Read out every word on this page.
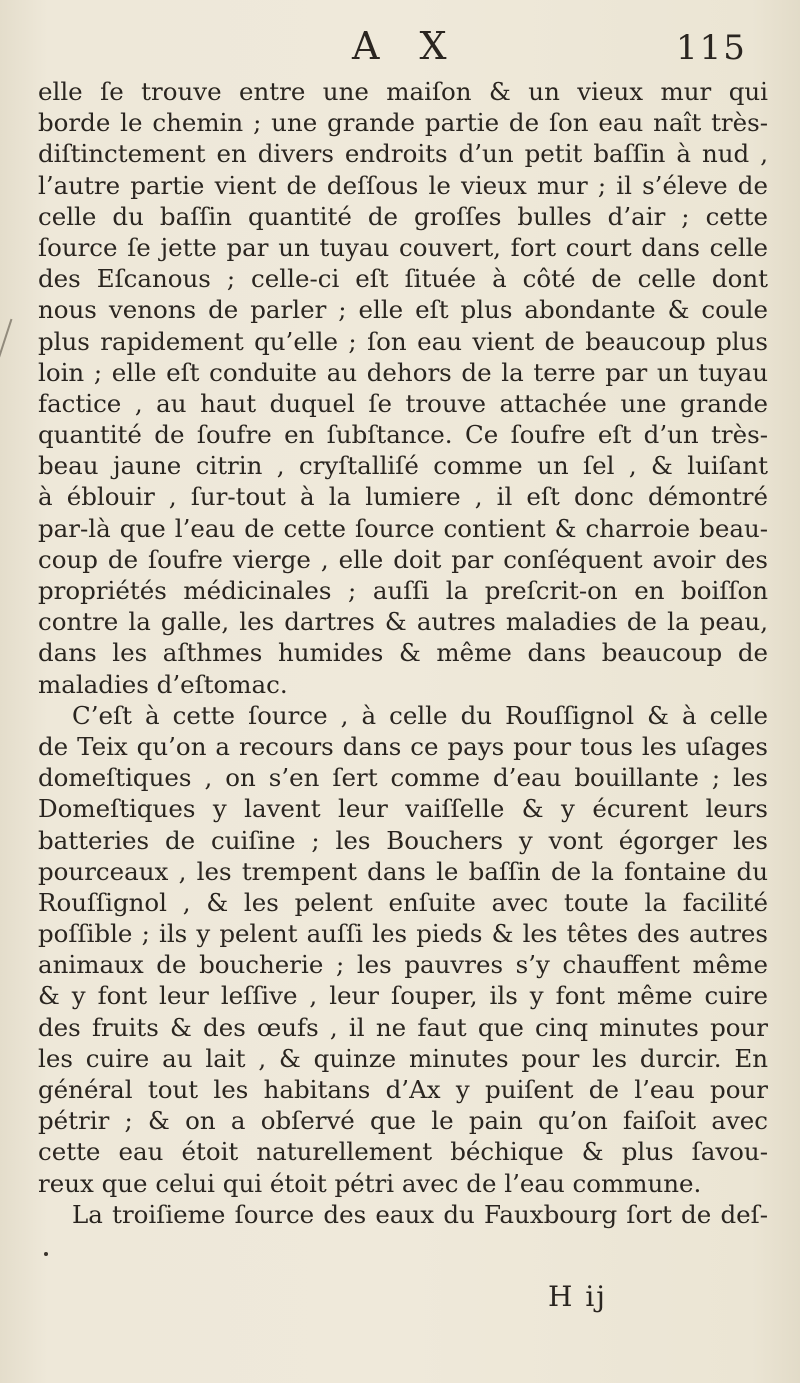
A X	115
elle ſe trouve entre une maiſon & un vieux mur qui
borde le chemin ; une grande partie de ſon eau naît très-
diſtinctement en divers endroits d’un petit baſſin à nud ,
l’autre partie vient de deſſous le vieux mur ; il s’éleve de
celle du baſſin quantité de groſſes bulles d’air ; cette
ſource ſe jette par un tuyau couvert, fort court dans celle
des Eſcanous ; celle-ci eſt ſituée à côté de celle dont
nous venons de parler ; elle eſt plus abondante & coule
plus rapidement qu’elle ; ſon eau vient de beaucoup plus
loin ; elle eſt conduite au dehors de la terre par un tuyau
factice , au haut duquel ſe trouve attachée une grande
quantité de ſoufre en ſubſtance. Ce ſoufre eſt d’un très-
beau jaune citrin , cryſtalliſé comme un ſel , & luiſant
à éblouir , ſur-tout à la lumiere , il eſt donc démontré
par-là que l’eau de cette ſource contient & charroie beau-
coup de ſoufre vierge , elle doit par conſéquent avoir des
propriétés médicinales ; auſſi la preſcrit-on en boiſſon
contre la galle, les dartres & autres maladies de la peau,
dans les aſthmes humides & même dans beaucoup de
maladies d’eſtomac.
C’eſt à cette ſource , à celle du Rouſſignol & à celle
de Teix qu’on a recours dans ce pays pour tous les uſages
domeſtiques , on s’en ſert comme d’eau bouillante ; les
Domeſtiques y lavent leur vaiſſelle & y écurent leurs
batteries de cuiſine ; les Bouchers y vont égorger les
pourceaux , les trempent dans le baſſin de la fontaine du
Rouſſignol , & les pelent enſuite avec toute la facilité
poſſible ; ils y pelent auſſi les pieds & les têtes des autres
animaux de boucherie ; les pauvres s’y chauffent même
& y font leur leſſive , leur ſouper, ils y font même cuire
des fruits & des œufs , il ne faut que cinq minutes pour
les cuire au lait , & quinze minutes pour les durcir. En
général tout les habitans d’Ax y puiſent de l’eau pour
pétrir ; & on a obſervé que le pain qu’on faiſoit avec
cette eau étoit naturellement béchique & plus ſavou-
reux que celui qui étoit pétri avec de l’eau commune.
La troiſieme ſource des eaux du Fauxbourg ſort de deſ-
H ij
